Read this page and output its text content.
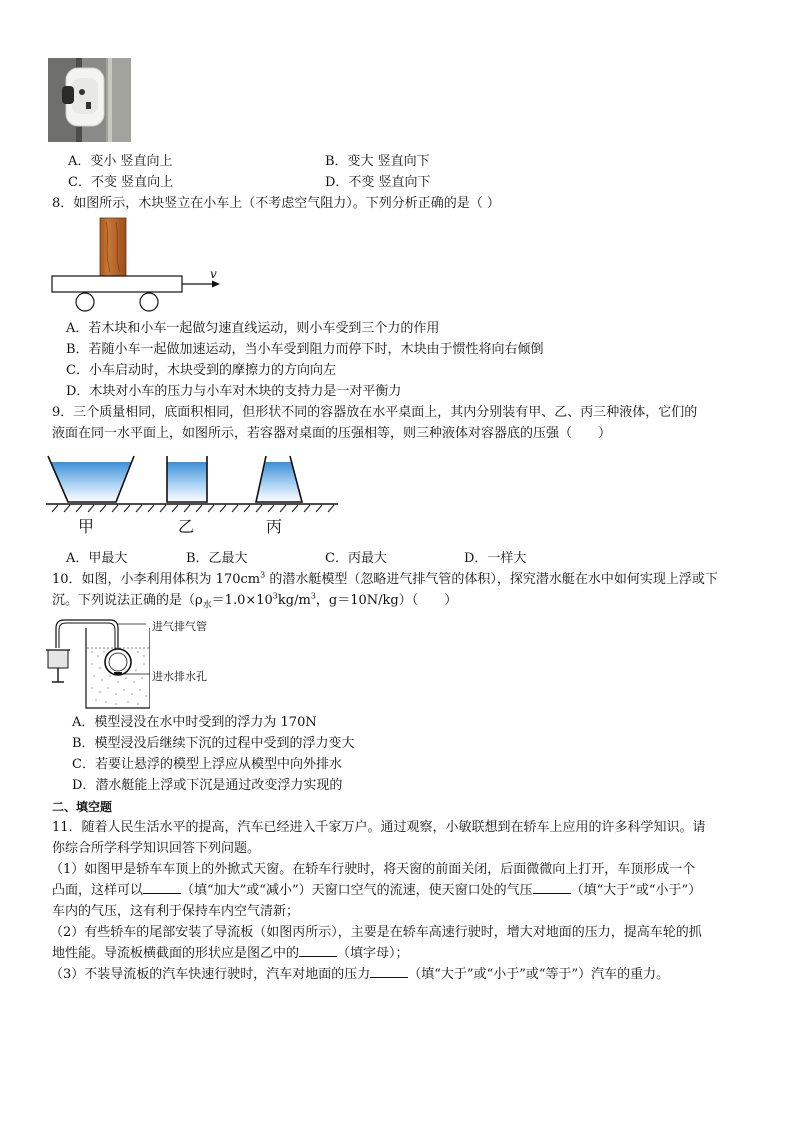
A．变小 竖直向上	B．变大 竖直向下
C．不变 竖直向上	D．不变 竖直向下
8．如图所示，木块竖立在小车上（不考虑空气阻力）。下列分析正确的是（ ）
v
A．若木块和小车一起做匀速直线运动，则小车受到三个力的作用
B．若随小车一起做加速运动，当小车受到阻力而停下时，木块由于惯性将向右倾倒
C．小车启动时，木块受到的摩擦力的方向向左
D．木块对小车的压力与小车对木块的支持力是一对平衡力
9．三个质量相同，底面积相同，但形状不同的容器放在水平桌面上，其内分别装有甲、乙、丙三种液体，它们的
液面在同一水平面上，如图所示，若容器对桌面的压强相等，则三种液体对容器底的压强（　　）
甲	乙	丙
A．甲最大	B．乙最大	C．丙最大	D．一样大
10．如图，小李利用体积为 $170cm^3$ 的潜水艇模型（忽略进气排气管的体积），探究潜水艇在水中如何实现上浮或下
沉。下列说法正确的是（$\rho_水=1.0\times 10^3kg/m^3$，g＝10N/kg）（　　）
进气排气管
进水排水孔
A．模型浸没在水中时受到的浮力为 170N
B．模型浸没后继续下沉的过程中受到的浮力变大
C．若要让悬浮的模型上浮应从模型中向外排水
D．潜水艇能上浮或下沉是通过改变浮力实现的
二、填空题
11．随着人民生活水平的提高，汽车已经进入千家万户。通过观察，小敏联想到在轿车上应用的许多科学知识。请
你综合所学科学知识回答下列问题。
（1）如图甲是轿车车顶上的外掀式天窗。在轿车行驶时，将天窗的前面关闭，后面微微向上打开，车顶形成一个
凸面，这样可以	（填“加大”或“减小”）天窗口空气的流速，使天窗口处的气压	（填“大于”或“小于”）
车内的气压，这有利于保持车内空气清新；
（2）有些轿车的尾部安装了导流板（如图丙所示），主要是在轿车高速行驶时，增大对地面的压力，提高车轮的抓
地性能。导流板横截面的形状应是图乙中的	（填字母）；
（3）不装导流板的汽车快速行驶时，汽车对地面的压力	（填“大于”或“小于”或“等于”）汽车的重力。
